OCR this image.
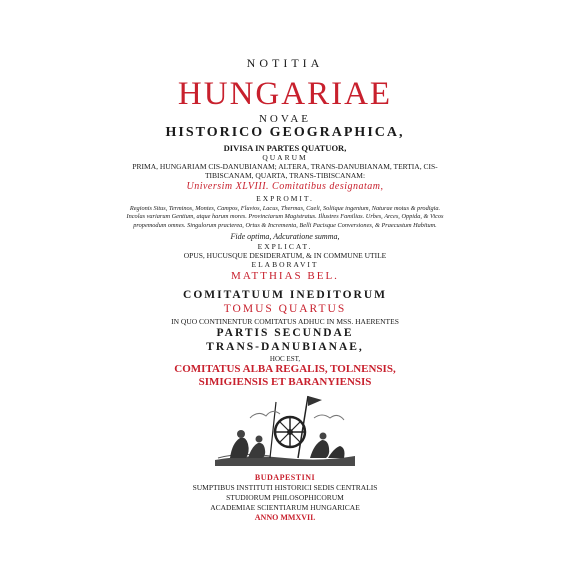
NOTITIA
HUNGARIAE
NOVAE
HISTORICO GEOGRAPHICA,
DIVISA IN PARTES QUATUOR,
QUARUM
PRIMA, HUNGARIAM CIS-DANUBIANAM; ALTERA, TRANS-DANUBIANAM, TERTIA, CIS-
TIBISCANAM, QUARTA, TRANS-TIBISCANAM:
Universim XLVIII. Comitatibus designatam,
EXPROMIT.
Regionis Situs, Terminos, Montes, Campos, Fluvios, Lacus, Thermas, Caeli, Soliique ingenium, Naturae motus & prodigia.
Incolas variarum Gentium, atque harum mores. Provinciarum Magistratus. Illustres Familias. Urbes, Arces, Oppida, & Vicos
propemodum omnes. Singulorum practerea, Ortus & Incrementa, Belli Pacisque Conversiones, & Praecustum Habitum.
Fide optima, Adcuratione summa,
EXPLICAT.
OPUS, HUCUSQUE DESIDERATUM, & IN COMMUNE UTILE
ELABORAVIT
MATTHIAS BEL.
COMITATUUM INEDITORUM
TOMUS QUARTUS
IN QUO CONTINENTUR COMITATUS ADHUC IN MSS. HAERENTES
PARTIS SECUNDAE
TRANS-DANUBIANAE,
HOC EST,
COMITATUS ALBA REGALIS, TOLNENSIS,
SIMIGIENSIS ET BARANYIENSIS
BUDAPESTINI
SUMPTIBUS INSTITUTI HISTORICI SEDIS CENTRALIS
STUDIORUM PHILOSOPHICORUM
ACADEMIAE SCIENTIARUM HUNGARICAE
ANNO MMXVII.
